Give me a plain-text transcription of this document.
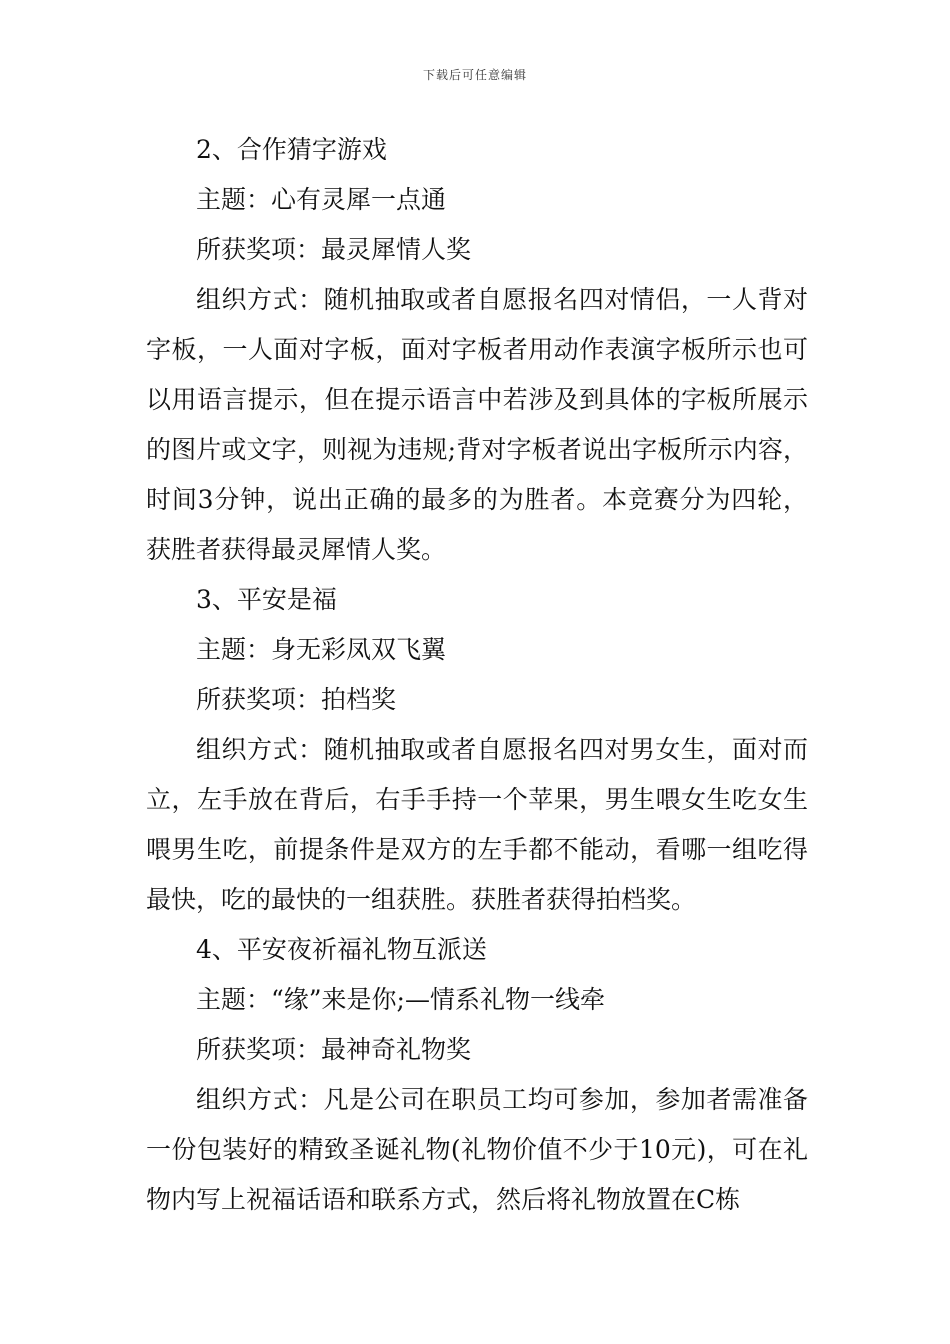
下载后可任意编辑

2、合作猜字游戏

主题：心有灵犀一点通

所获奖项：最灵犀情人奖

组织方式：随机抽取或者自愿报名四对情侣，一人背对字板，一人面对字板，面对字板者用动作表演字板所示也可以用语言提示，但在提示语言中若涉及到具体的字板所展示的图片或文字，则视为违规;背对字板者说出字板所示内容，时间3分钟，说出正确的最多的为胜者。本竞赛分为四轮，获胜者获得最灵犀情人奖。

3、平安是福

主题：身无彩凤双飞翼

所获奖项：拍档奖

组织方式：随机抽取或者自愿报名四对男女生，面对而立，左手放在背后，右手手持一个苹果，男生喂女生吃女生喂男生吃，前提条件是双方的左手都不能动，看哪一组吃得最快，吃的最快的一组获胜。获胜者获得拍档奖。

4、平安夜祈福礼物互派送

主题：“缘”来是你;—情系礼物一线牵

所获奖项：最神奇礼物奖

组织方式：凡是公司在职员工均可参加，参加者需准备一份包装好的精致圣诞礼物(礼物价值不少于10元)，可在礼物内写上祝福话语和联系方式，然后将礼物放置在C栋
